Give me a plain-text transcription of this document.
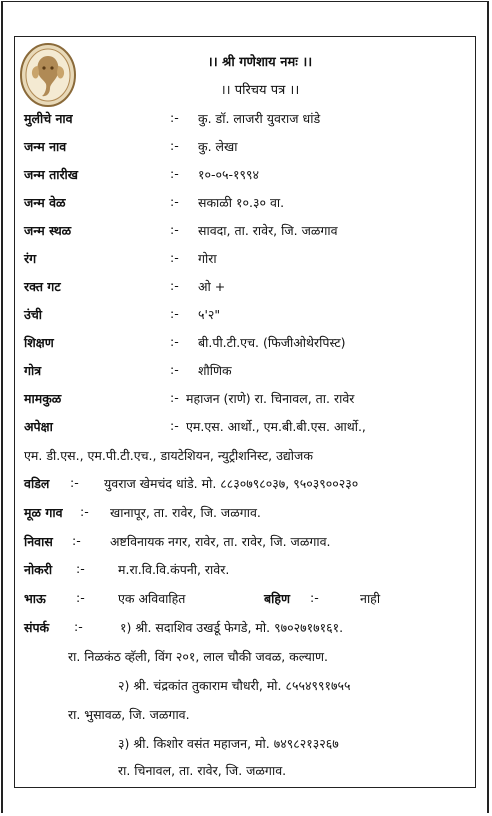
।। श्री गणेशाय नमः ।।
।। परिचय पत्र ।।
मुलीचे नाव	:- कु. डॉ. लाजरी युवराज धांडे
जन्म नाव	:- कु. लेखा
जन्म तारीख	:- १०-०५-१९९४
जन्म वेळ	:- सकाळी १०.३० वा.
जन्म स्थळ	:- सावदा, ता. रावेर, जि. जळगाव
रंग	:- गोरा
रक्त गट	:- ओ +
उंची	:- ५'२"
शिक्षण	:- बी.पी.टी.एच. (फिजीओथेरपिस्ट)
गोत्र	:- शौणिक
मामकुळ	:- महाजन (राणे) रा. चिनावल, ता. रावेर
अपेक्षा	:- एम.एस. आर्थो., एम.बी.बी.एस. आर्थो.,
एम. डी.एस., एम.पी.टी.एच., डायटेशियन, न्युट्रीशनिस्ट, उद्योजक
वडिल :- युवराज खेमचंद धांडे. मो. ८८३०७९८०३७, ९५०३९००२३०
मूळ गाव :- खानापूर, ता. रावेर, जि. जळगाव.
निवास :- अष्टविनायक नगर, रावेर, ता. रावेर, जि. जळगाव.
नोकरी :-	म.रा.वि.वि.कंपनी, रावेर.
भाऊ :-	एक अविवाहित	बहिण :-	नाही
संपर्क :-	१) श्री. सदाशिव उखर्डू फेगडे, मो. ९७०२७१७१६१.
रा. निळकंठ व्हॅली, विंग २०१, लाल चौकी जवळ, कल्याण.
२) श्री. चंद्रकांत तुकाराम चौधरी, मो. ८५५४९९१७५५
रा. भुसावळ, जि. जळगाव.
३) श्री. किशोर वसंत महाजन, मो. ७४९८२१३२६७
रा. चिनावल, ता. रावेर, जि. जळगाव.
